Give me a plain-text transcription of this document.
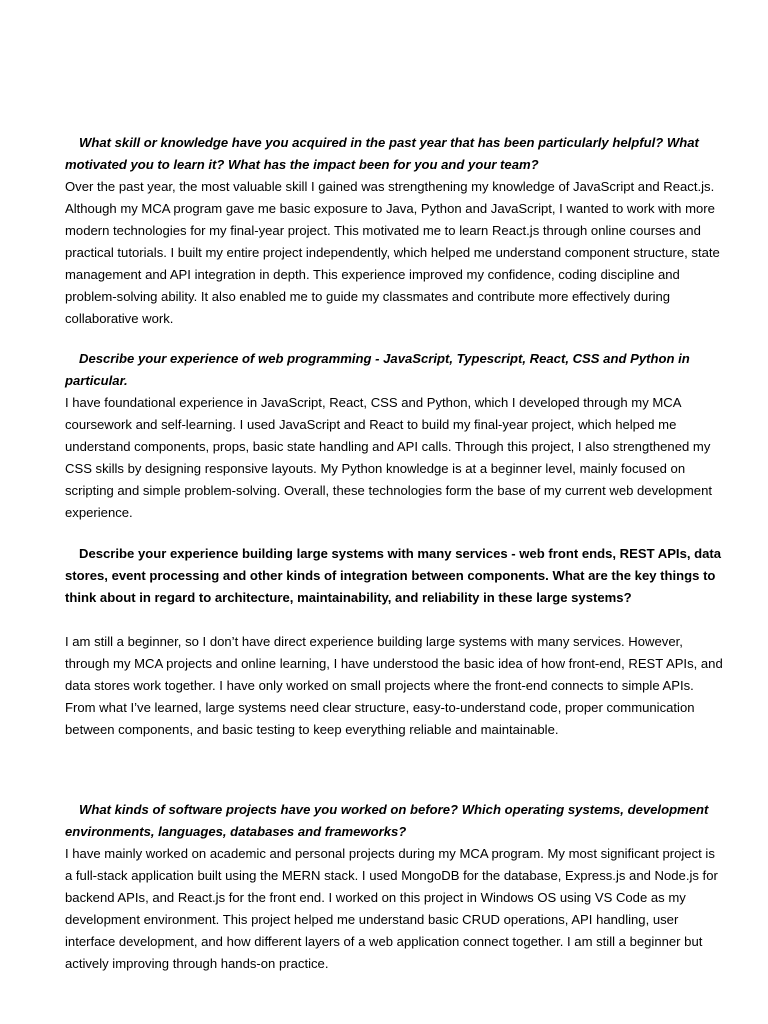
What skill or knowledge have you acquired in the past year that has been particularly helpful? What motivated you to learn it? What has the impact been for you and your team?

Over the past year, the most valuable skill I gained was strengthening my knowledge of JavaScript and React.js. Although my MCA program gave me basic exposure to Java, Python and JavaScript, I wanted to work with more modern technologies for my final-year project. This motivated me to learn React.js through online courses and practical tutorials. I built my entire project independently, which helped me understand component structure, state management and API integration in depth. This experience improved my confidence, coding discipline and problem-solving ability. It also enabled me to guide my classmates and contribute more effectively during collaborative work.

Describe your experience of web programming - JavaScript, Typescript, React, CSS and Python in particular.

I have foundational experience in JavaScript, React, CSS and Python, which I developed through my MCA coursework and self-learning. I used JavaScript and React to build my final-year project, which helped me understand components, props, basic state handling and API calls. Through this project, I also strengthened my CSS skills by designing responsive layouts. My Python knowledge is at a beginner level, mainly focused on scripting and simple problem-solving. Overall, these technologies form the base of my current web development experience.

Describe your experience building large systems with many services - web front ends, REST APIs, data stores, event processing and other kinds of integration between components. What are the key things to think about in regard to architecture, maintainability, and reliability in these large systems?

I am still a beginner, so I don’t have direct experience building large systems with many services. However, through my MCA projects and online learning, I have understood the basic idea of how front-end, REST APIs, and data stores work together. I have only worked on small projects where the front-end connects to simple APIs. From what I’ve learned, large systems need clear structure, easy-to-understand code, proper communication between components, and basic testing to keep everything reliable and maintainable.

What kinds of software projects have you worked on before? Which operating systems, development environments, languages, databases and frameworks?

I have mainly worked on academic and personal projects during my MCA program. My most significant project is a full-stack application built using the MERN stack. I used MongoDB for the database, Express.js and Node.js for backend APIs, and React.js for the front end. I worked on this project in Windows OS using VS Code as my development environment. This project helped me understand basic CRUD operations, API handling, user interface development, and how different layers of a web application connect together. I am still a beginner but actively improving through hands-on practice.
